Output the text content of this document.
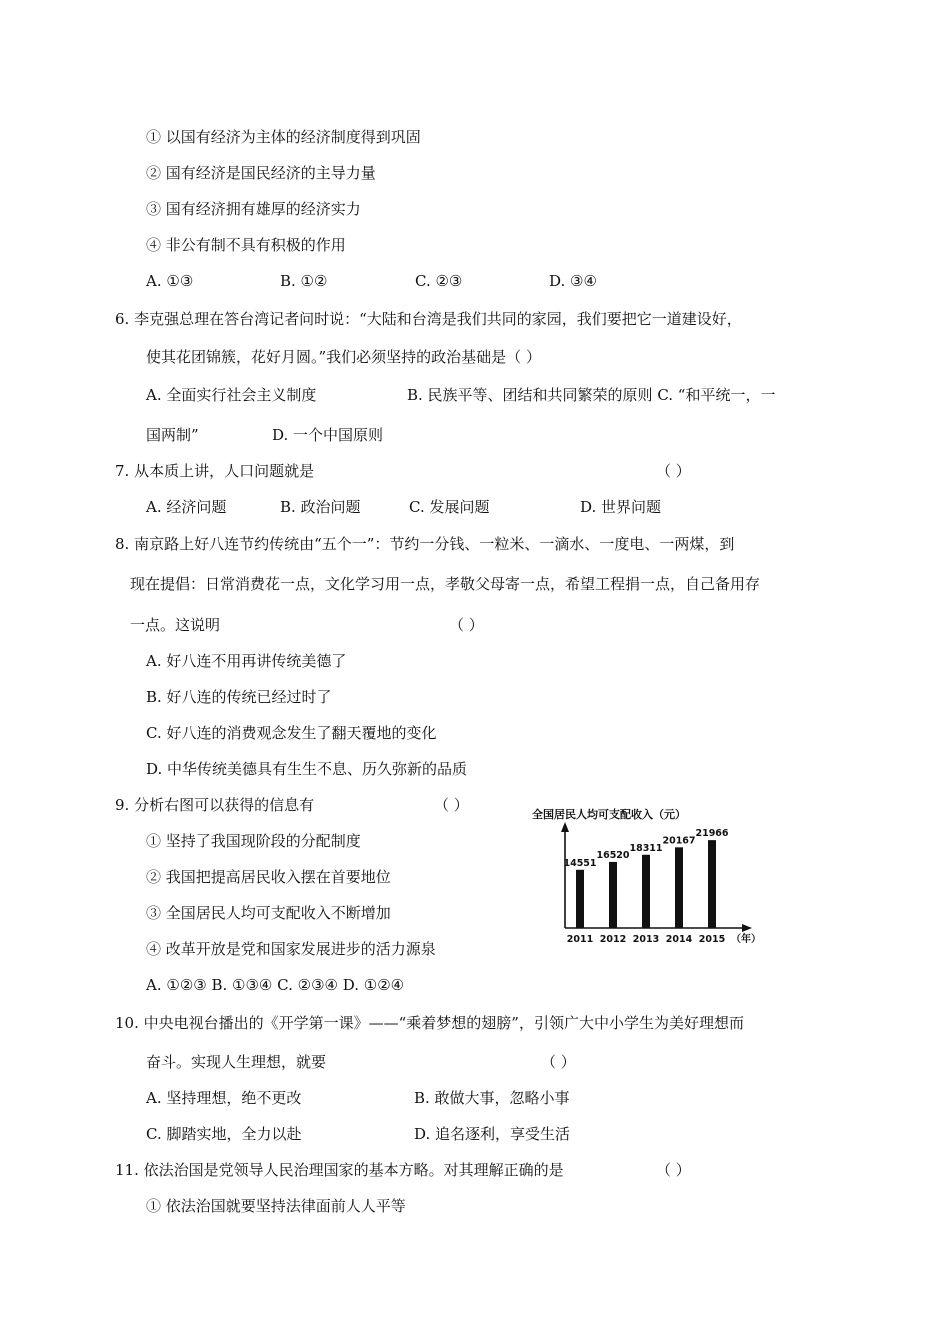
① 以国有经济为主体的经济制度得到巩固
② 国有经济是国民经济的主导力量
③ 国有经济拥有雄厚的经济实力
④ 非公有制不具有积极的作用
A. ①③	B. ①②	C. ②③	D. ③④
6. 李克强总理在答台湾记者问时说：“大陆和台湾是我们共同的家园，我们要把它一道建设好，
使其花团锦簇，花好月圆。”我们必须坚持的政治基础是（ ）
A. 全面实行社会主义制度	B. 民族平等、团结和共同繁荣的原则 C. “和平统一，一
国两制”	D. 一个中国原则
7. 从本质上讲，人口问题就是	（ ）
A. 经济问题	B. 政治问题	C. 发展问题	D. 世界问题
8. 南京路上好八连节约传统由“五个一”：节约一分钱、一粒米、一滴水、一度电、一两煤，到
现在提倡：日常消费花一点，文化学习用一点，孝敬父母寄一点，希望工程捐一点，自己备用存
一点。这说明	（ ）
A. 好八连不用再讲传统美德了
B. 好八连的传统已经过时了
C. 好八连的消费观念发生了翻天覆地的变化
D. 中华传统美德具有生生不息、历久弥新的品质
9. 分析右图可以获得的信息有	（ ）
① 坚持了我国现阶段的分配制度
② 我国把提高居民收入摆在首要地位
③ 全国居民人均可支配收入不断增加
④ 改革开放是党和国家发展进步的活力源泉
A. ①②③ B. ①③④ C. ②③④ D. ①②④
全国居民人均可支配收入（元）
14551
2011
16520
2012
18311
2013
20167
2014
21966
2015 （年）
10. 中央电视台播出的《开学第一课》——“乘着梦想的翅膀”，引领广大中小学生为美好理想而
奋斗。实现人生理想，就要	（ ）
A. 坚持理想，绝不更改	B. 敢做大事，忽略小事
C. 脚踏实地，全力以赴	D. 追名逐利，享受生活
11. 依法治国是党领导人民治理国家的基本方略。对其理解正确的是	（ ）
① 依法治国就要坚持法律面前人人平等
